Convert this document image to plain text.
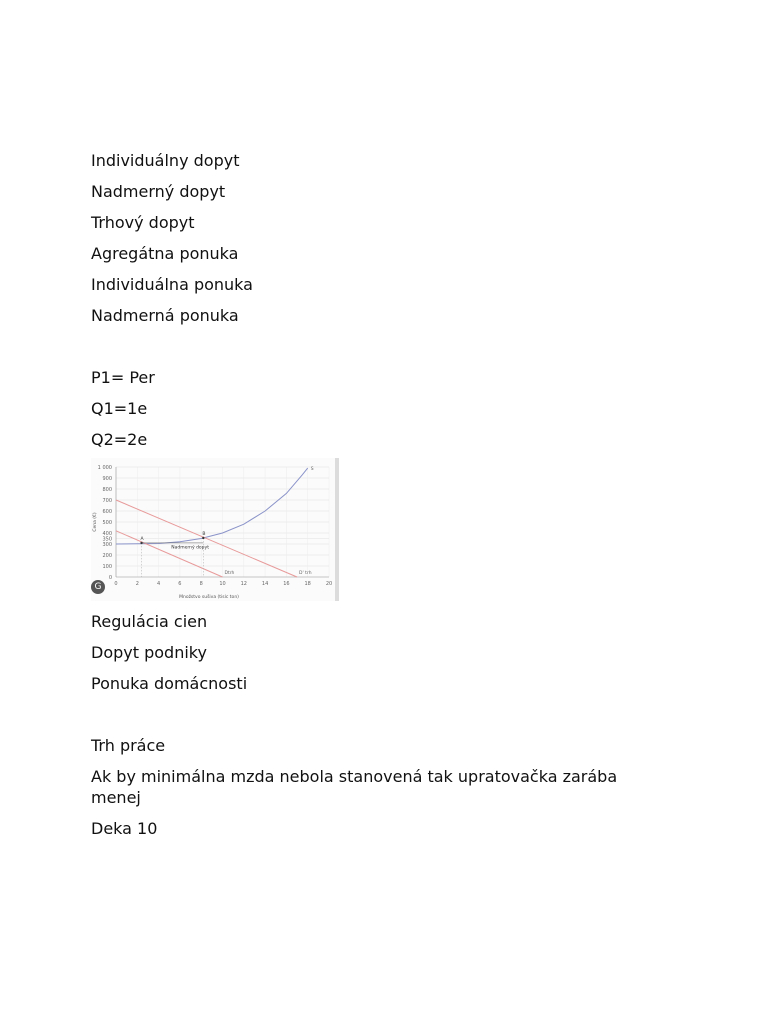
Individuálny dopyt
Nadmerný dopyt
Trhový dopyt
Agregátna ponuka
Individuálna ponuka
Nadmerná ponuka
P1= Per
Q1=1e
Q2=2e
0
100
200
300
350
400
500
600
700
800
900
1 000
0	2	4	6	8	10	12	14	16	18	20
Množstvo sušiva (tisíc ton)
Cena (€)
S
D' trh
Dtrh
A
B
Nadmerný dopyt
G
Regulácia cien
Dopyt podniky
Ponuka domácnosti
Trh práce
Ak by minimálna mzda nebola stanovená tak upratovačka zarába menej
Deka 10
